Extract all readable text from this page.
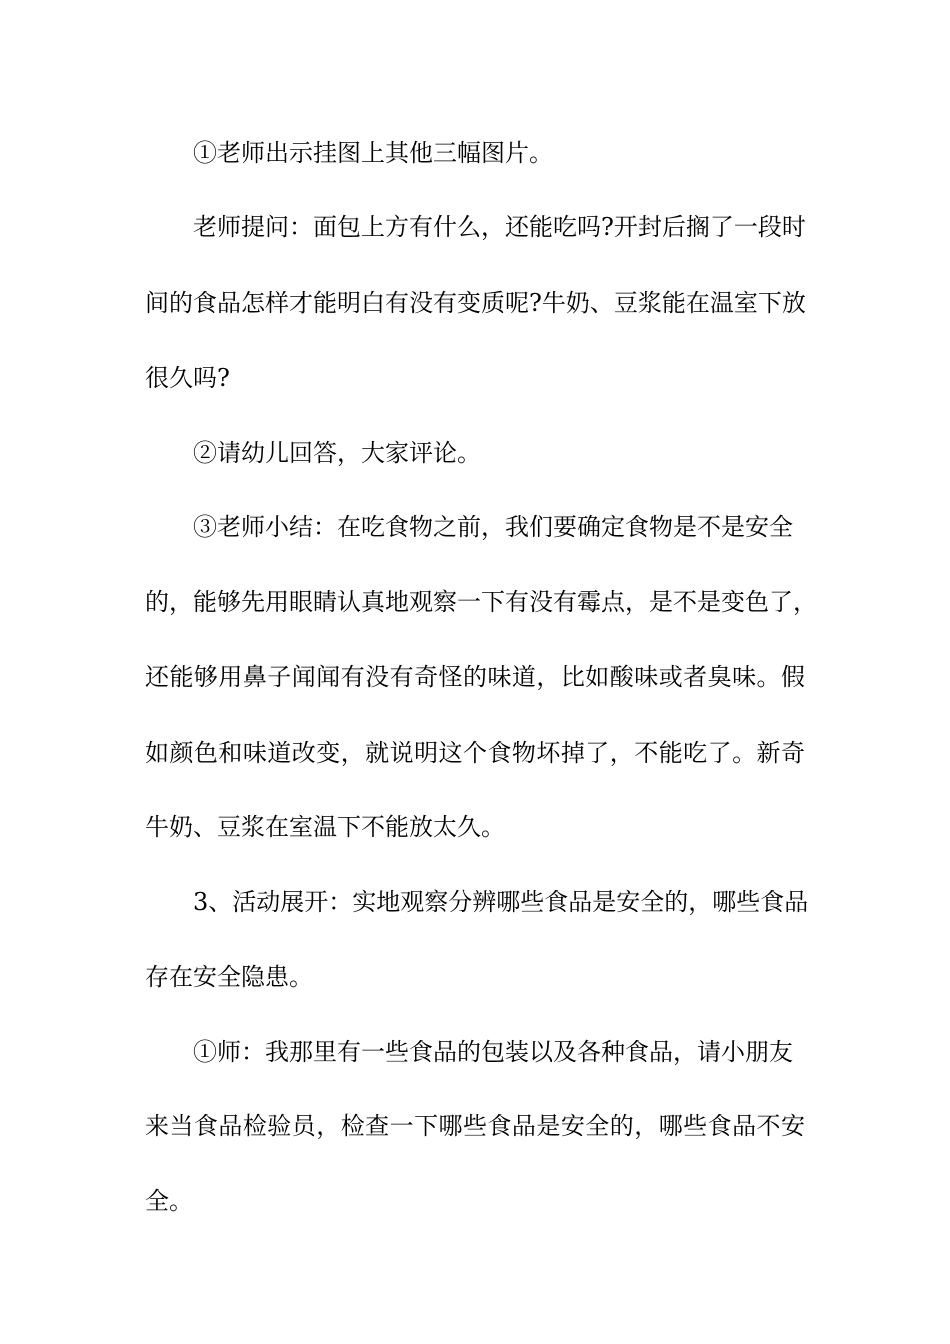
①老师出示挂图上其他三幅图片。

老师提问：面包上方有什么，还能吃吗?开封后搁了一段时

间的食品怎样才能明白有没有变质呢?牛奶、豆浆能在温室下放

很久吗?

②请幼儿回答，大家评论。

③老师小结：在吃食物之前，我们要确定食物是不是安全

的，能够先用眼睛认真地观察一下有没有霉点，是不是变色了，

还能够用鼻子闻闻有没有奇怪的味道，比如酸味或者臭味。假

如颜色和味道改变，就说明这个食物坏掉了，不能吃了。新奇

牛奶、豆浆在室温下不能放太久。

3、活动展开：实地观察分辨哪些食品是安全的，哪些食品

存在安全隐患。

①师：我那里有一些食品的包装以及各种食品，请小朋友

来当食品检验员，检查一下哪些食品是安全的，哪些食品不安

全。
